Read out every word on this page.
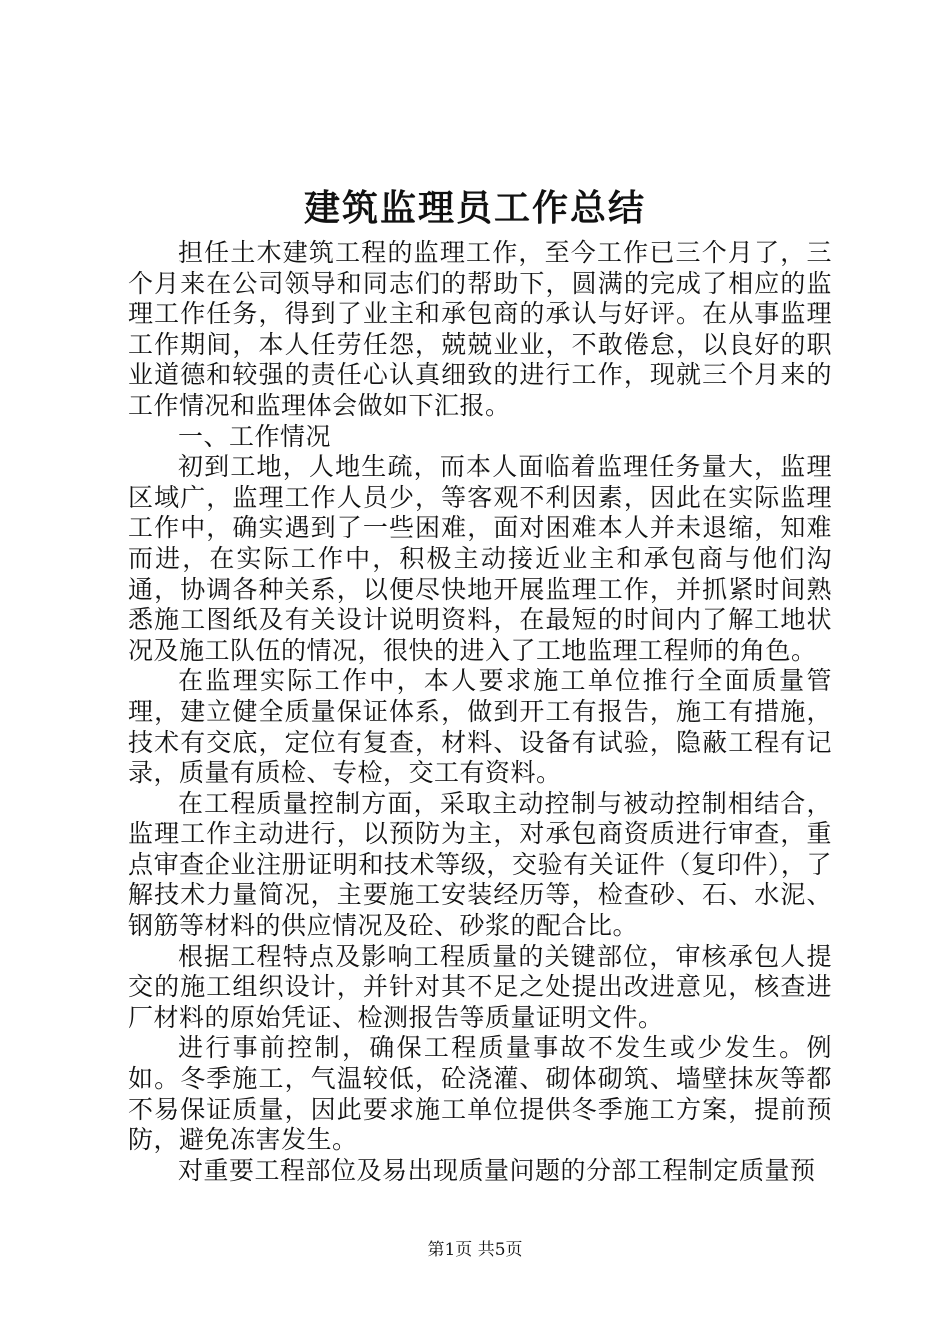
建筑监理员工作总结

担任土木建筑工程的监理工作，至今工作已三个月了，三个月来在公司领导和同志们的帮助下，圆满的完成了相应的监理工作任务，得到了业主和承包商的承认与好评。在从事监理工作期间，本人任劳任怨，兢兢业业，不敢倦怠，以良好的职业道德和较强的责任心认真细致的进行工作，现就三个月来的工作情况和监理体会做如下汇报。

一、工作情况

初到工地，人地生疏，而本人面临着监理任务量大，监理区域广，监理工作人员少，等客观不利因素，因此在实际监理工作中，确实遇到了一些困难，面对困难本人并未退缩，知难而进，在实际工作中，积极主动接近业主和承包商与他们沟通，协调各种关系，以便尽快地开展监理工作，并抓紧时间熟悉施工图纸及有关设计说明资料，在最短的时间内了解工地状况及施工队伍的情况，很快的进入了工地监理工程师的角色。

在监理实际工作中，本人要求施工单位推行全面质量管理，建立健全质量保证体系，做到开工有报告，施工有措施，技术有交底，定位有复查，材料、设备有试验，隐蔽工程有记录，质量有质检、专检，交工有资料。

在工程质量控制方面，采取主动控制与被动控制相结合，监理工作主动进行，以预防为主，对承包商资质进行审查，重点审查企业注册证明和技术等级，交验有关证件（复印件），了解技术力量简况，主要施工安装经历等，检查砂、石、水泥、钢筋等材料的供应情况及砼、砂浆的配合比。

根据工程特点及影响工程质量的关键部位，审核承包人提交的施工组织设计，并针对其不足之处提出改进意见，核查进厂材料的原始凭证、检测报告等质量证明文件。

进行事前控制，确保工程质量事故不发生或少发生。例如。冬季施工，气温较低，砼浇灌、砌体砌筑、墙壁抹灰等都不易保证质量，因此要求施工单位提供冬季施工方案，提前预防，避免冻害发生。

对重要工程部位及易出现质量问题的分部工程制定质量预

第1页 共5页
